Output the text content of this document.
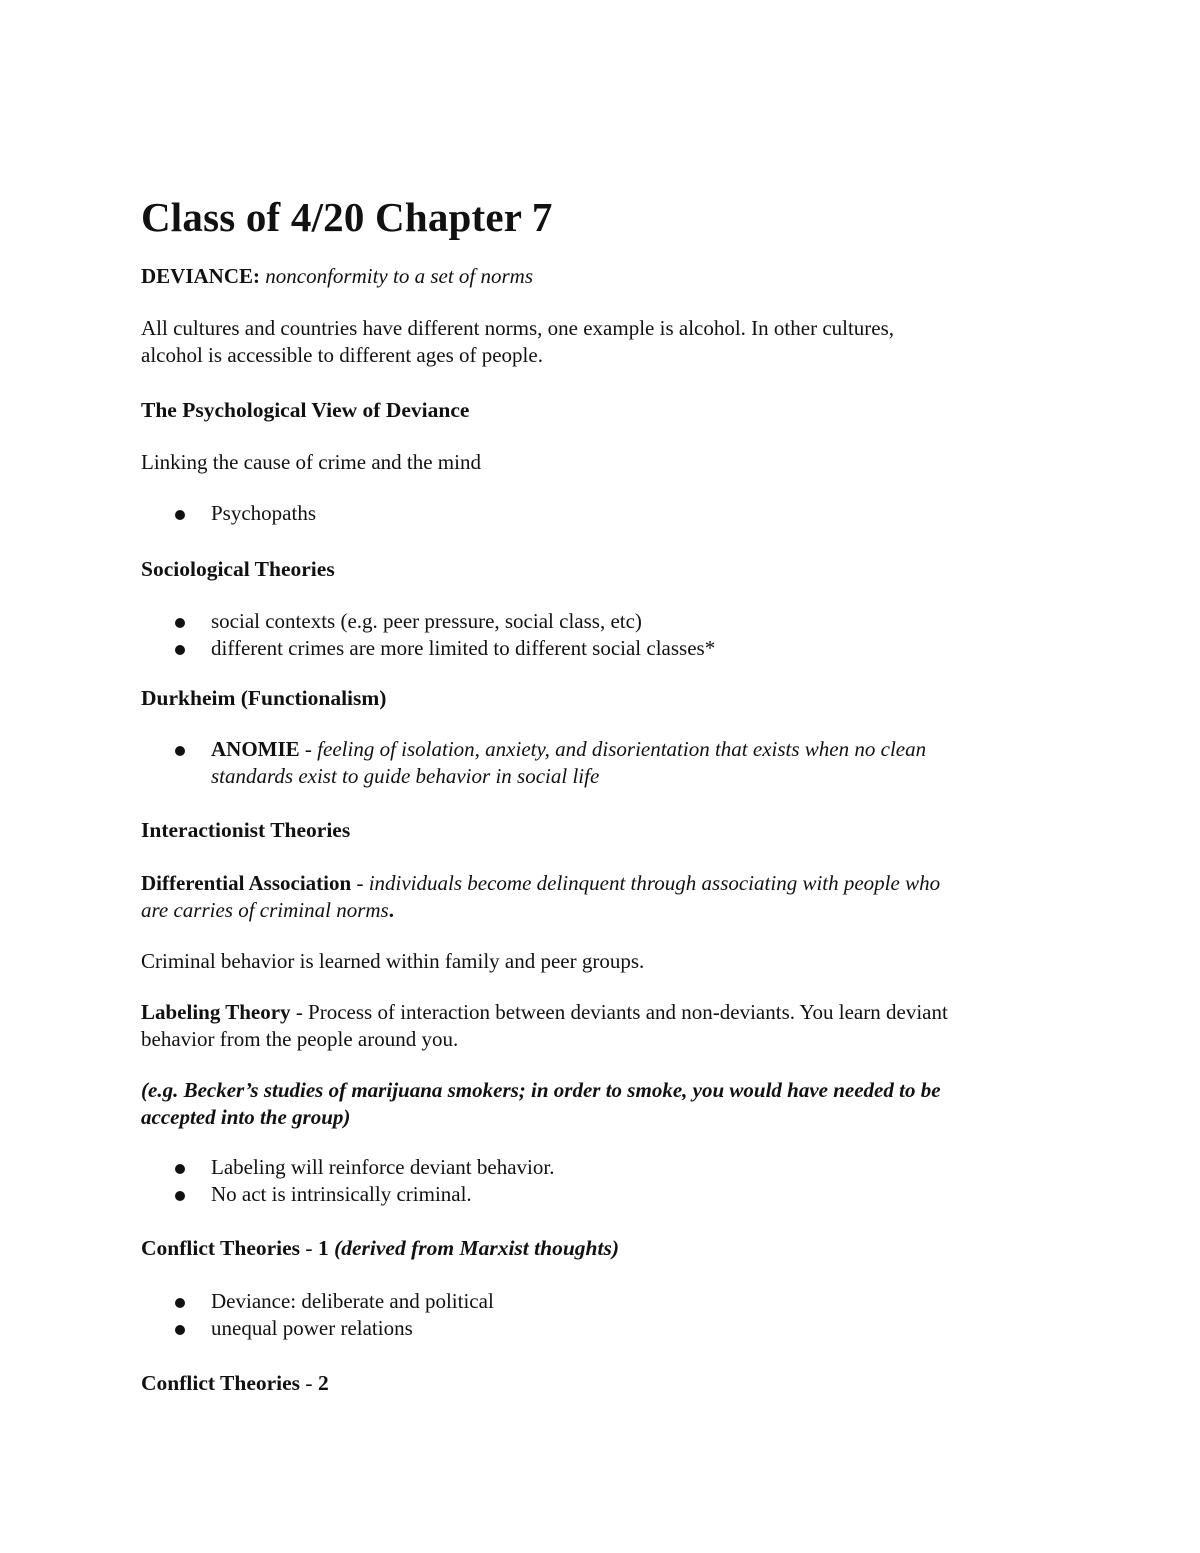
Class of 4/20 Chapter 7

DEVIANCE: nonconformity to a set of norms

All cultures and countries have different norms, one example is alcohol. In other cultures,

alcohol is accessible to different ages of people.

The Psychological View of Deviance

Linking the cause of crime and the mind

Psychopaths

Sociological Theories

social contexts (e.g. peer pressure, social class, etc)

different crimes are more limited to different social classes*

Durkheim (Functionalism)

ANOMIE - feeling of isolation, anxiety, and disorientation that exists when no clean

standards exist to guide behavior in social life

Interactionist Theories

Differential Association - individuals become delinquent through associating with people who

are carries of criminal norms.

Criminal behavior is learned within family and peer groups.

Labeling Theory - Process of interaction between deviants and non-deviants. You learn deviant

behavior from the people around you.

(e.g. Becker’s studies of marijuana smokers; in order to smoke, you would have needed to be

accepted into the group)

Labeling will reinforce deviant behavior.

No act is intrinsically criminal.

Conflict Theories - 1 (derived from Marxist thoughts)

Deviance: deliberate and political

unequal power relations

Conflict Theories - 2
